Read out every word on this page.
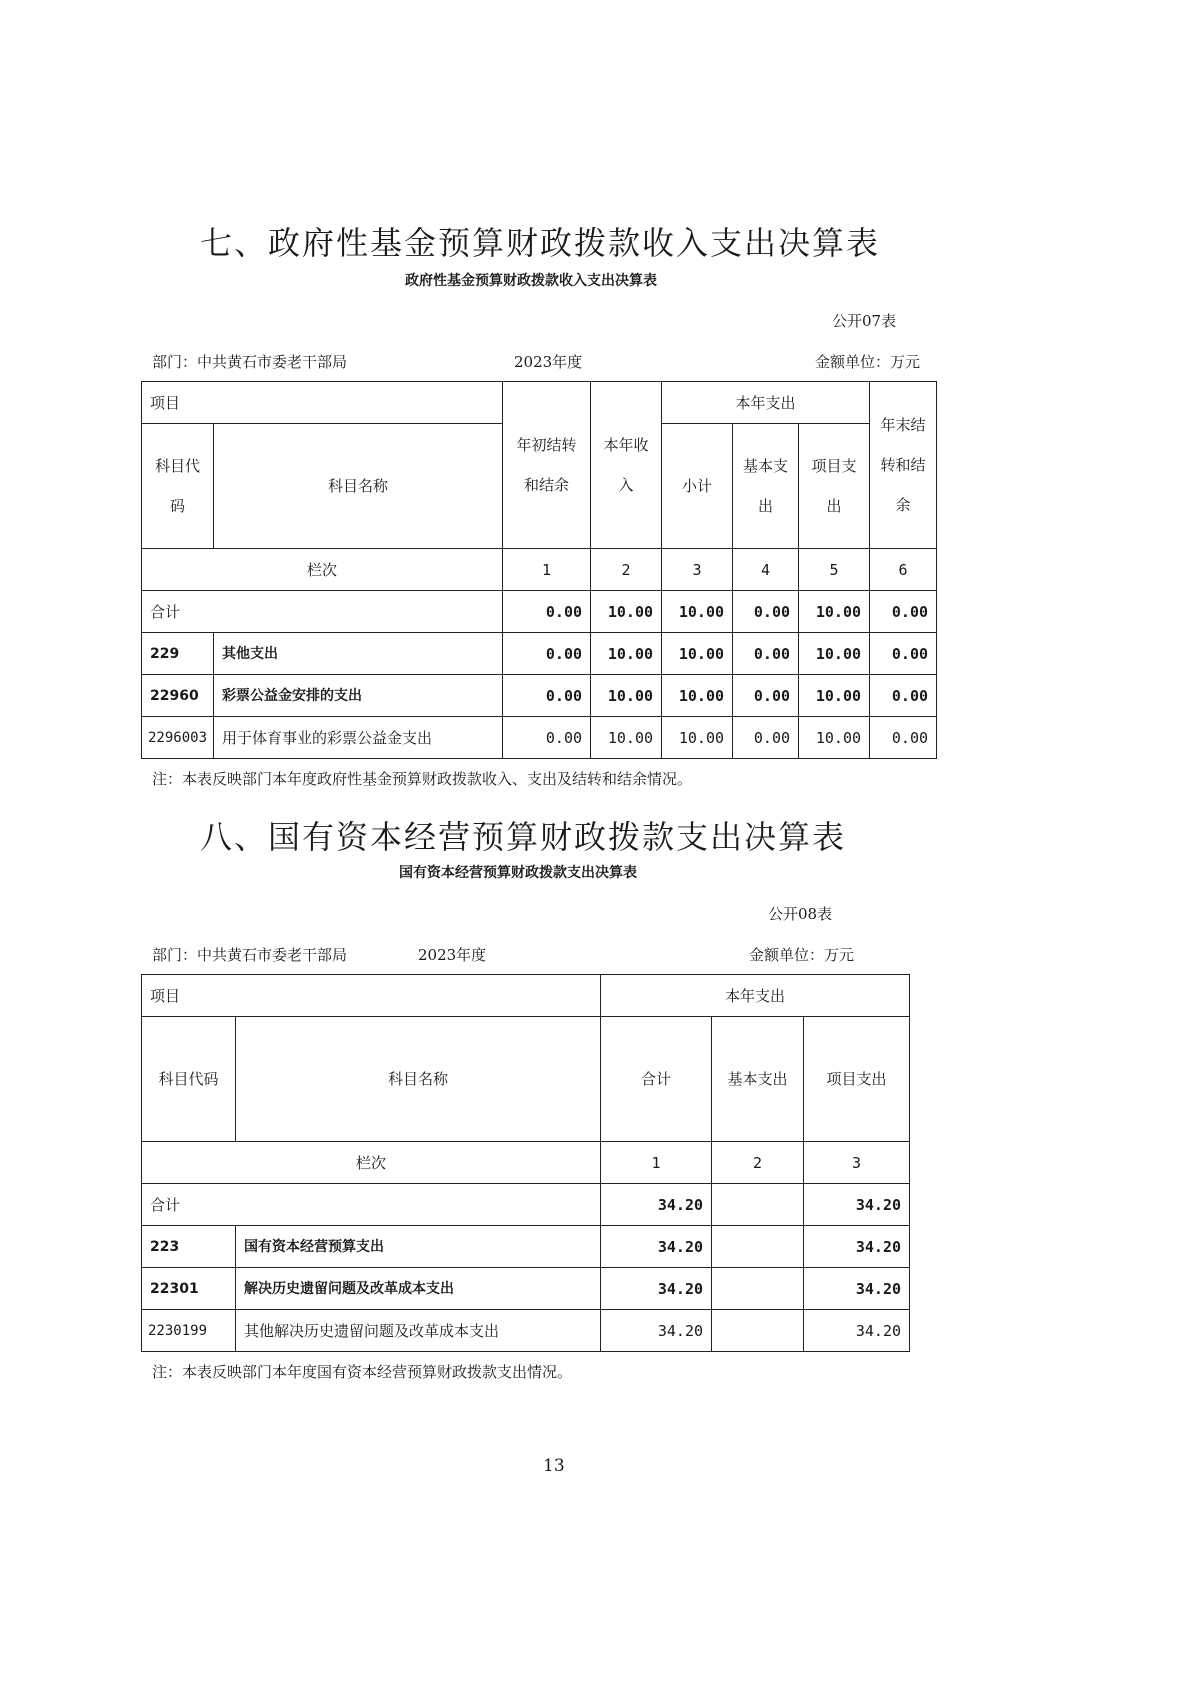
七、政府性基金预算财政拨款收入支出决算表
政府性基金预算财政拨款收入支出决算表
公开07表
部门：中共黄石市委老干部局	2023年度	金额单位：万元
项目		年初结转和结余	本年收入	本年支出			年末结转和结余
科目代码	科目名称			小计	基本支出	项目支出	
栏次		1	2	3	4	5	6
合计		0.00	10.00	10.00	0.00	10.00	0.00
229	其他支出	0.00	10.00	10.00	0.00	10.00	0.00
22960	彩票公益金安排的支出	0.00	10.00	10.00	0.00	10.00	0.00
2296003	用于体育事业的彩票公益金支出	0.00	10.00	10.00	0.00	10.00	0.00
注：本表反映部门本年度政府性基金预算财政拨款收入、支出及结转和结余情况。
八、国有资本经营预算财政拨款支出决算表
国有资本经营预算财政拨款支出决算表
公开08表
部门：中共黄石市委老干部局	2023年度	金额单位：万元
项目		本年支出		
科目代码	科目名称	合计	基本支出	项目支出
栏次		1	2	3
合计		34.20		34.20
223	国有资本经营预算支出	34.20		34.20
22301	解决历史遗留问题及改革成本支出	34.20		34.20
2230199	其他解决历史遗留问题及改革成本支出	34.20		34.20
注：本表反映部门本年度国有资本经营预算财政拨款支出情况。
13
